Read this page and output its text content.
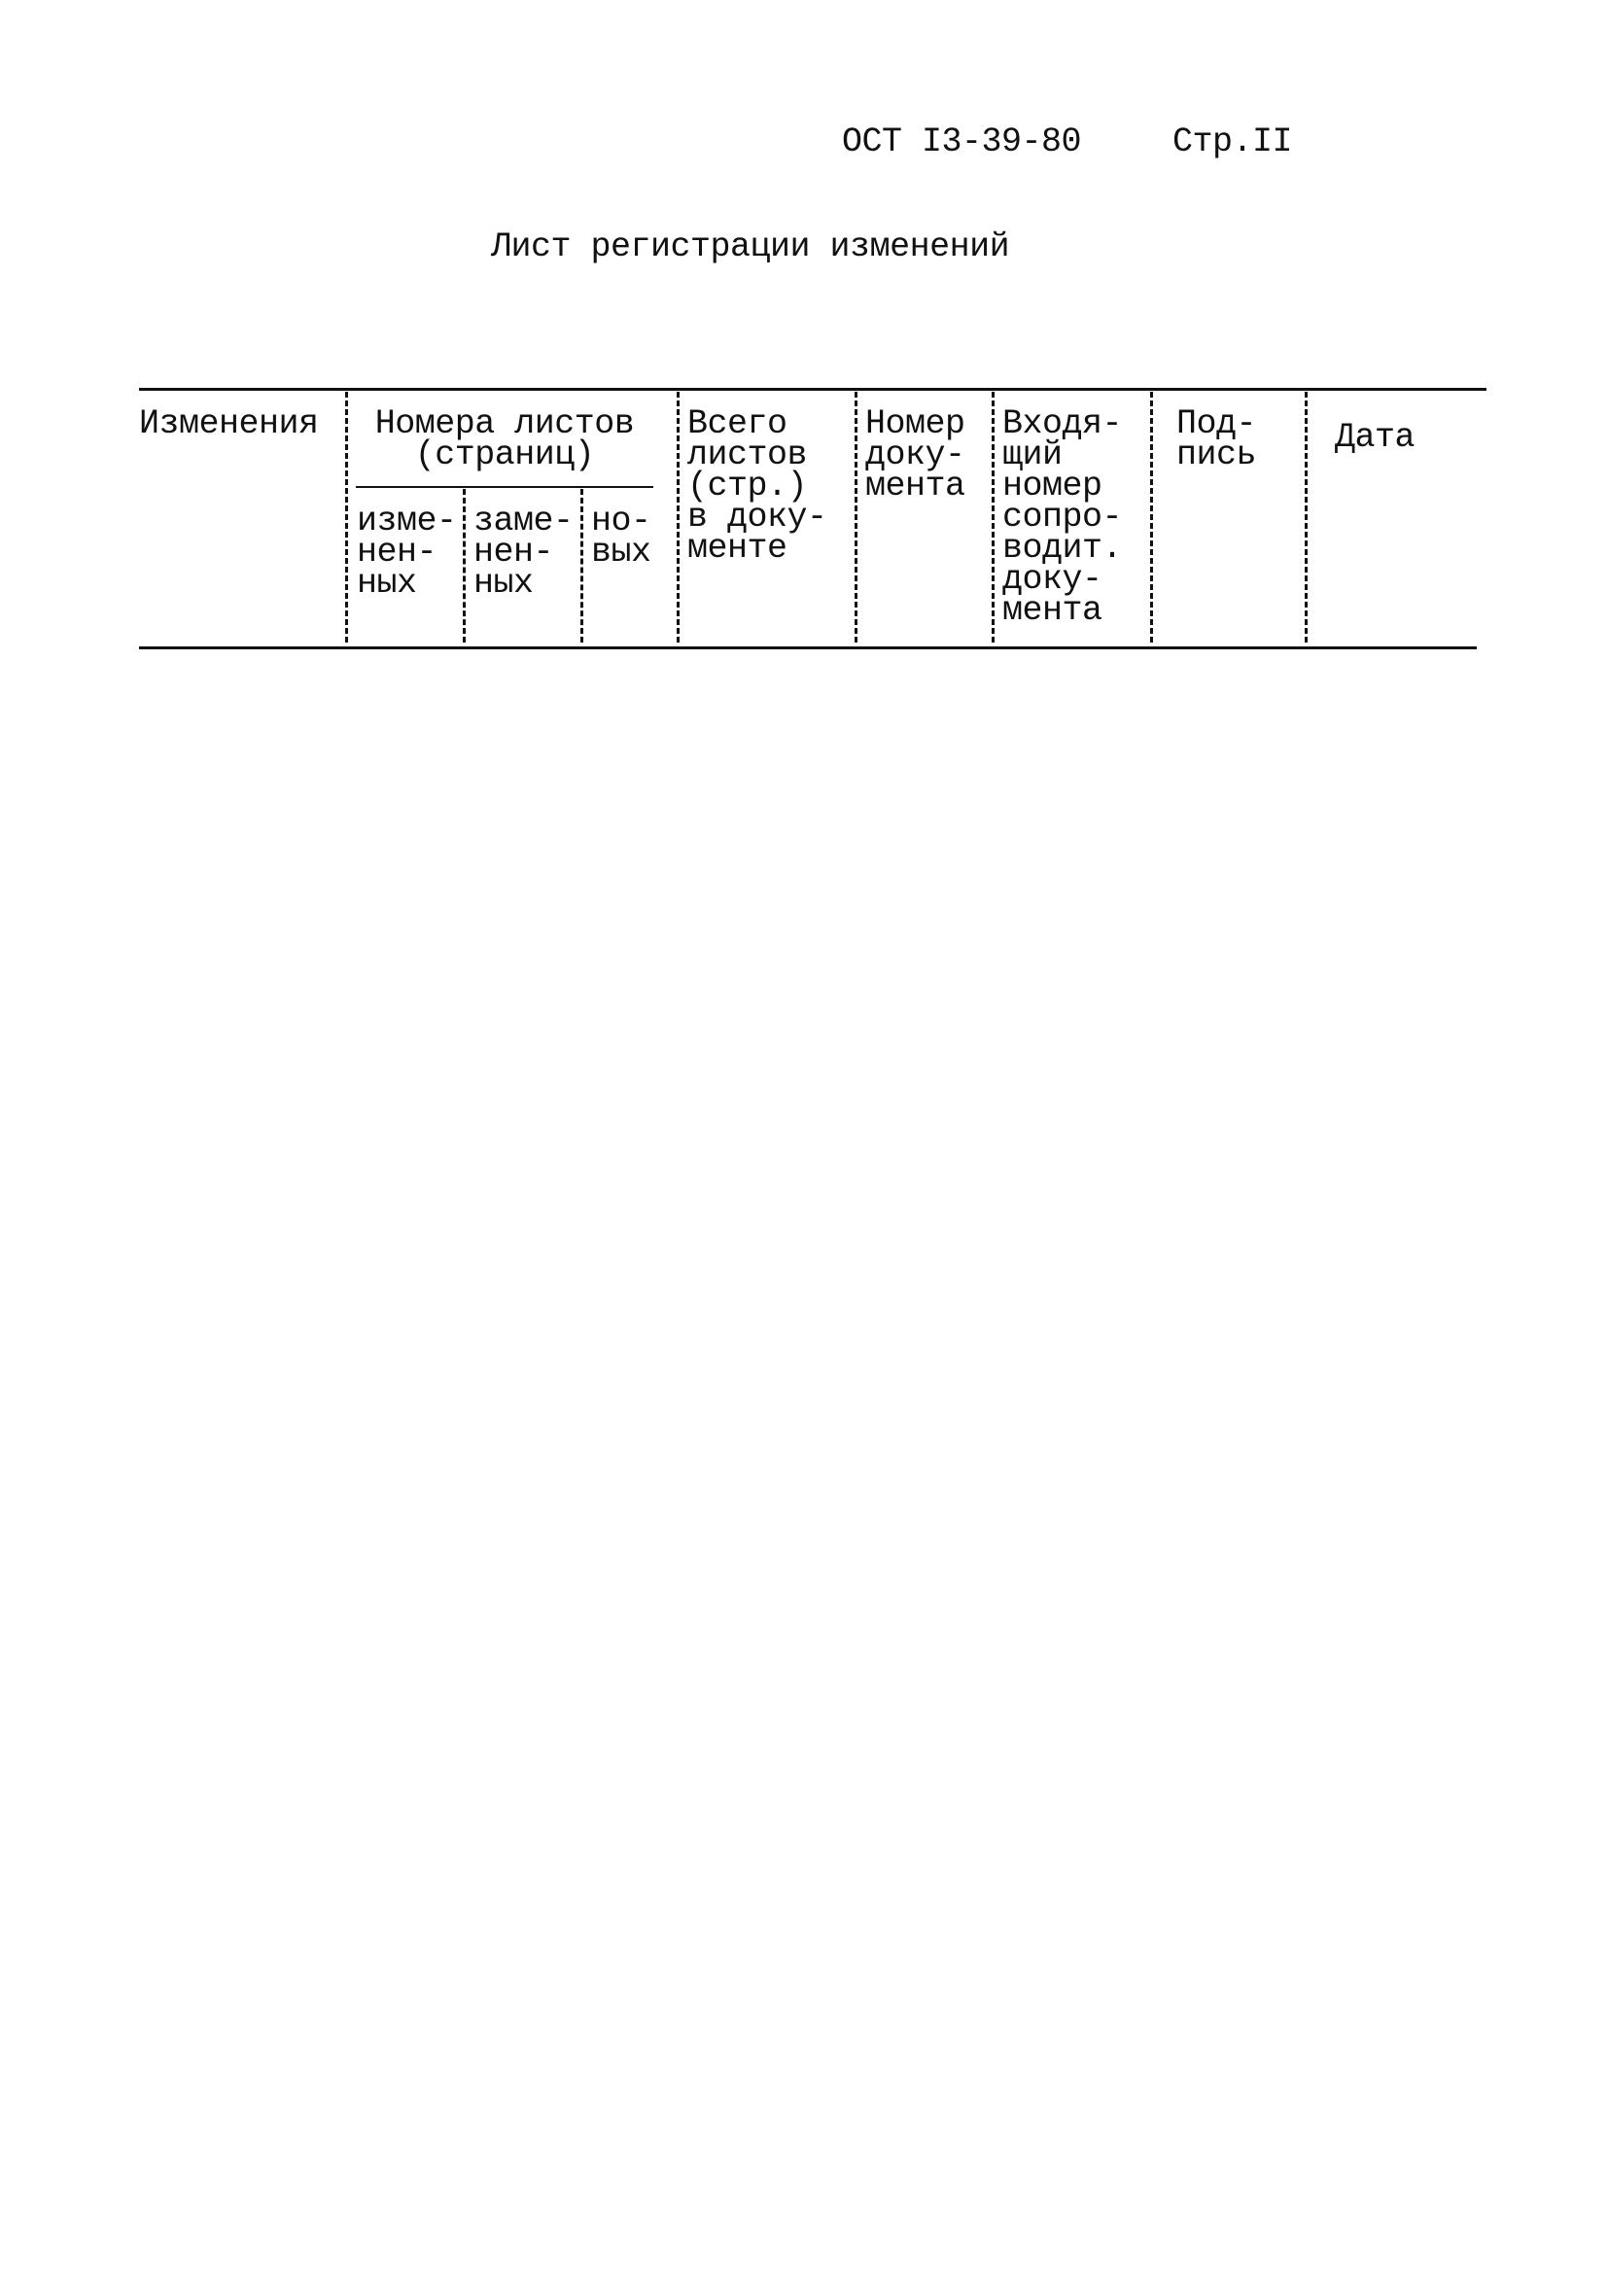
ОСТ I3-39-80	Стр.II
Лист регистрации изменений
Изменения	Номера листов
(страниц)
изме-
нен-
ных
заме-
нен-
ных
но-
вых
Всего
листов
(стр.)
в доку-
менте
Номер
доку-
мента
Входя-
щий
номер
сопро-
водит.
доку-
мента
Под-
пись Дата
